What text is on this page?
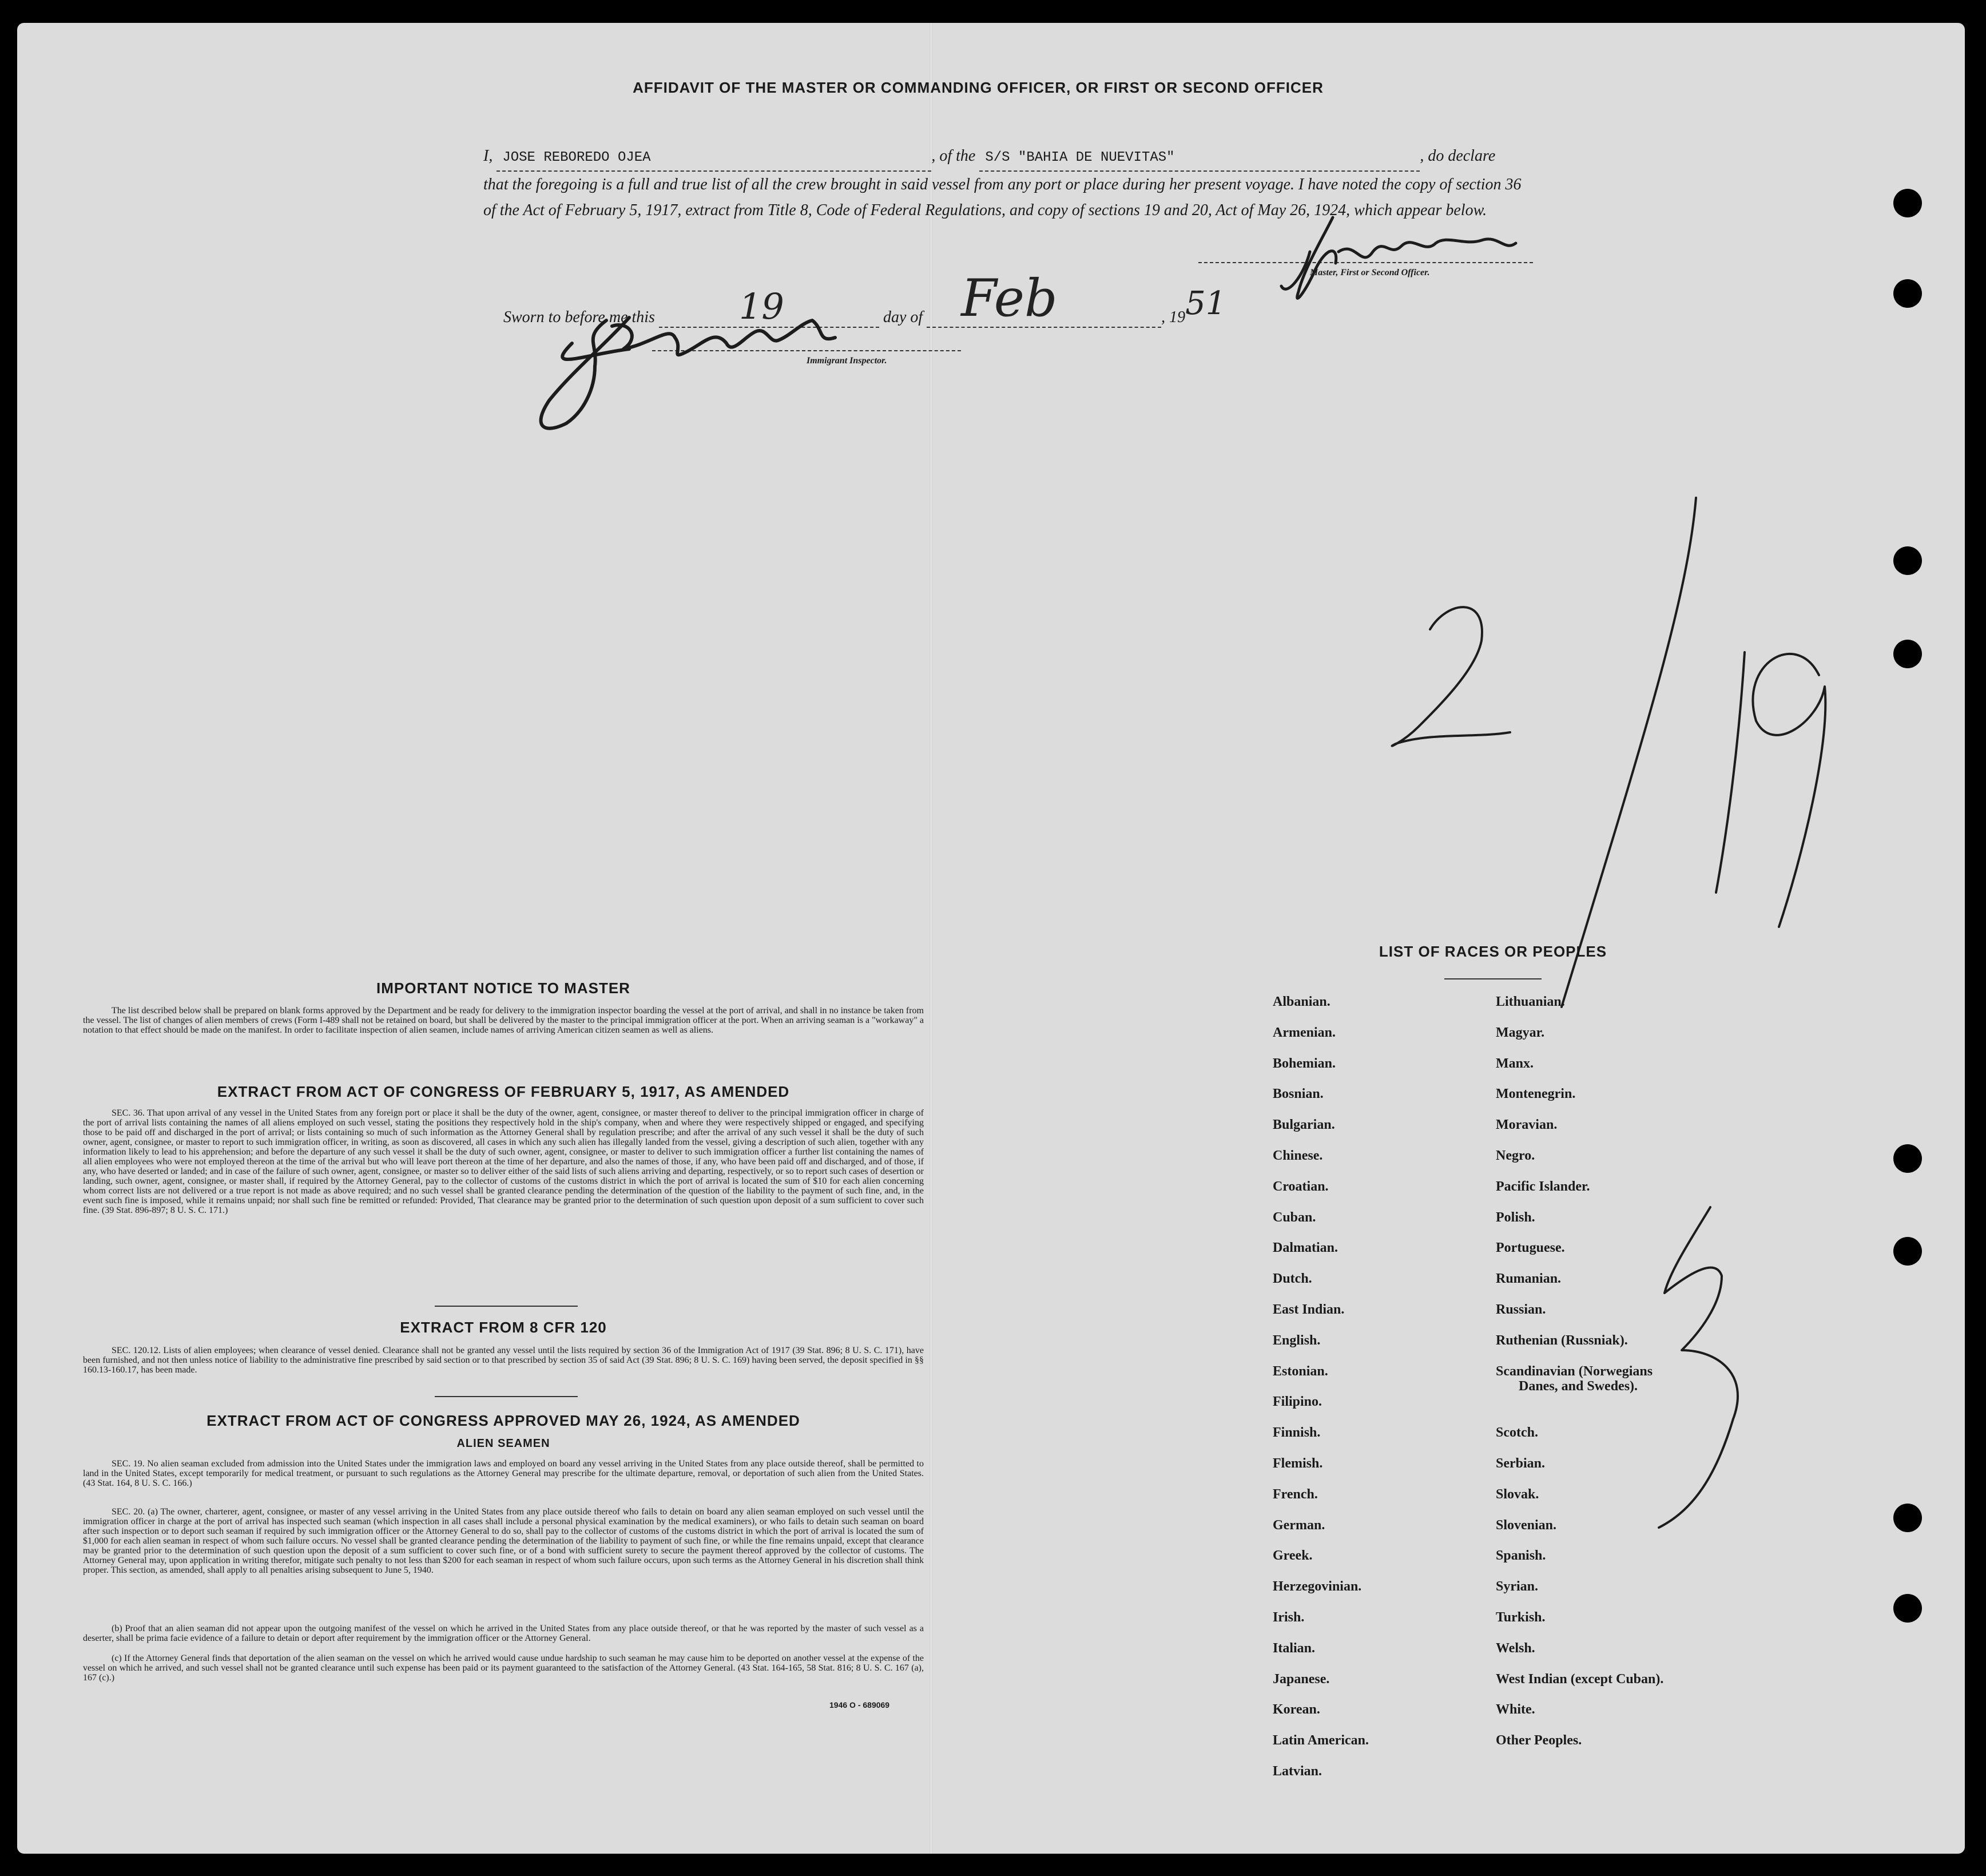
AFFIDAVIT OF THE MASTER OR COMMANDING OFFICER, OR FIRST OR SECOND OFFICER
I, JOSE REBOREDO OJEA	, of the S/S "BAHIA DE NUEVITAS"	, do declare
that the foregoing is a full and true list of all the crew brought in said vessel from any port or place during her present voyage. I have noted the copy of section 36 of the Act of February 5, 1917, extract from Title 8, Code of Federal Regulations, and copy of sections 19 and 20, Act of May 26, 1924, which appear below.
Master, First or Second Officer.
Sworn to before me this 19	day of Feb	, 1951
Immigrant Inspector.
IMPORTANT NOTICE TO MASTER
The list described below shall be prepared on blank forms approved by the Department and be ready for delivery to the immigration inspector boarding the vessel at the port of arrival, and shall in no instance be taken from the vessel. The list of changes of alien members of crews (Form I-489 shall not be retained on board, but shall be delivered by the master to the principal immigration officer at the port. When an arriving seaman is a "workaway" a notation to that effect should be made on the manifest. In order to facilitate inspection of alien seamen, include names of arriving American citizen seamen as well as aliens.
EXTRACT FROM ACT OF CONGRESS OF FEBRUARY 5, 1917, AS AMENDED
SEC. 36. That upon arrival of any vessel in the United States from any foreign port or place it shall be the duty of the owner, agent, consignee, or master thereof to deliver to the principal immigration officer in charge of the port of arrival lists containing the names of all aliens employed on such vessel, stating the positions they respectively hold in the ship's company, when and where they were respectively shipped or engaged, and specifying those to be paid off and discharged in the port of arrival; or lists containing so much of such information as the Attorney General shall by regulation prescribe; and after the arrival of any such vessel it shall be the duty of such owner, agent, consignee, or master to report to such immigration officer, in writing, as soon as discovered, all cases in which any such alien has illegally landed from the vessel, giving a description of such alien, together with any information likely to lead to his apprehension; and before the departure of any such vessel it shall be the duty of such owner, agent, consignee, or master to deliver to such immigration officer a further list containing the names of all alien employees who were not employed thereon at the time of the arrival but who will leave port thereon at the time of her departure, and also the names of those, if any, who have been paid off and discharged, and of those, if any, who have deserted or landed; and in case of the failure of such owner, agent, consignee, or master so to deliver either of the said lists of such aliens arriving and departing, respectively, or so to report such cases of desertion or landing, such owner, agent, consignee, or master shall, if required by the Attorney General, pay to the collector of customs of the customs district in which the port of arrival is located the sum of $10 for each alien concerning whom correct lists are not delivered or a true report is not made as above required; and no such vessel shall be granted clearance pending the determination of the question of the liability to the payment of such fine, and, in the event such fine is imposed, while it remains unpaid; nor shall such fine be remitted or refunded: Provided, That clearance may be granted prior to the determination of such question upon deposit of a sum sufficient to cover such fine. (39 Stat. 896-897; 8 U. S. C. 171.)
EXTRACT FROM 8 CFR 120
SEC. 120.12. Lists of alien employees; when clearance of vessel denied. Clearance shall not be granted any vessel until the lists required by section 36 of the Immigration Act of 1917 (39 Stat. 896; 8 U. S. C. 171), have been furnished, and not then unless notice of liability to the administrative fine prescribed by said section or to that prescribed by section 35 of said Act (39 Stat. 896; 8 U. S. C. 169) having been served, the deposit specified in §§ 160.13-160.17, has been made.
EXTRACT FROM ACT OF CONGRESS APPROVED MAY 26, 1924, AS AMENDED
ALIEN SEAMEN
SEC. 19. No alien seaman excluded from admission into the United States under the immigration laws and employed on board any vessel arriving in the United States from any place outside thereof, shall be permitted to land in the United States, except temporarily for medical treatment, or pursuant to such regulations as the Attorney General may prescribe for the ultimate departure, removal, or deportation of such alien from the United States. (43 Stat. 164, 8 U. S. C. 166.)
SEC. 20. (a) The owner, charterer, agent, consignee, or master of any vessel arriving in the United States from any place outside thereof who fails to detain on board any alien seaman employed on such vessel until the immigration officer in charge at the port of arrival has inspected such seaman (which inspection in all cases shall include a personal physical examination by the medical examiners), or who fails to detain such seaman on board after such inspection or to deport such seaman if required by such immigration officer or the Attorney General to do so, shall pay to the collector of customs of the customs district in which the port of arrival is located the sum of $1,000 for each alien seaman in respect of whom such failure occurs. No vessel shall be granted clearance pending the determination of the liability to payment of such fine, or while the fine remains unpaid, except that clearance may be granted prior to the determination of such question upon the deposit of a sum sufficient to cover such fine, or of a bond with sufficient surety to secure the payment thereof approved by the collector of customs. The Attorney General may, upon application in writing therefor, mitigate such penalty to not less than $200 for each seaman in respect of whom such failure occurs, upon such terms as the Attorney General in his discretion shall think proper. This section, as amended, shall apply to all penalties arising subsequent to June 5, 1940.
(b) Proof that an alien seaman did not appear upon the outgoing manifest of the vessel on which he arrived in the United States from any place outside thereof, or that he was reported by the master of such vessel as a deserter, shall be prima facie evidence of a failure to detain or deport after requirement by the immigration officer or the Attorney General.
(c) If the Attorney General finds that deportation of the alien seaman on the vessel on which he arrived would cause undue hardship to such seaman he may cause him to be deported on another vessel at the expense of the vessel on which he arrived, and such vessel shall not be granted clearance until such expense has been paid or its payment guaranteed to the satisfaction of the Attorney General. (43 Stat. 164-165, 58 Stat. 816; 8 U. S. C. 167 (a), 167 (c).)
1946 O - 689069
LIST OF RACES OR PEOPLES
Albanian.
Armenian.
Bohemian.
Bosnian.
Bulgarian.
Chinese.
Croatian.
Cuban.
Dalmatian.
Dutch.
East Indian.
English.
Estonian.
Filipino.
Finnish.
Flemish.
French.
German.
Greek.
Herzegovinian.
Irish.
Italian.
Japanese.
Korean.
Latin American.
Latvian.
Lithuanian.
Magyar.
Manx.
Montenegrin.
Moravian.
Negro.
Pacific Islander.
Polish.
Portuguese.
Rumanian.
Russian.
Ruthenian (Russniak).
Scandinavian (Norwegians
Danes, and Swedes).
Scotch.
Serbian.
Slovak.
Slovenian.
Spanish.
Syrian.
Turkish.
Welsh.
West Indian (except Cuban).
White.
Other Peoples.
